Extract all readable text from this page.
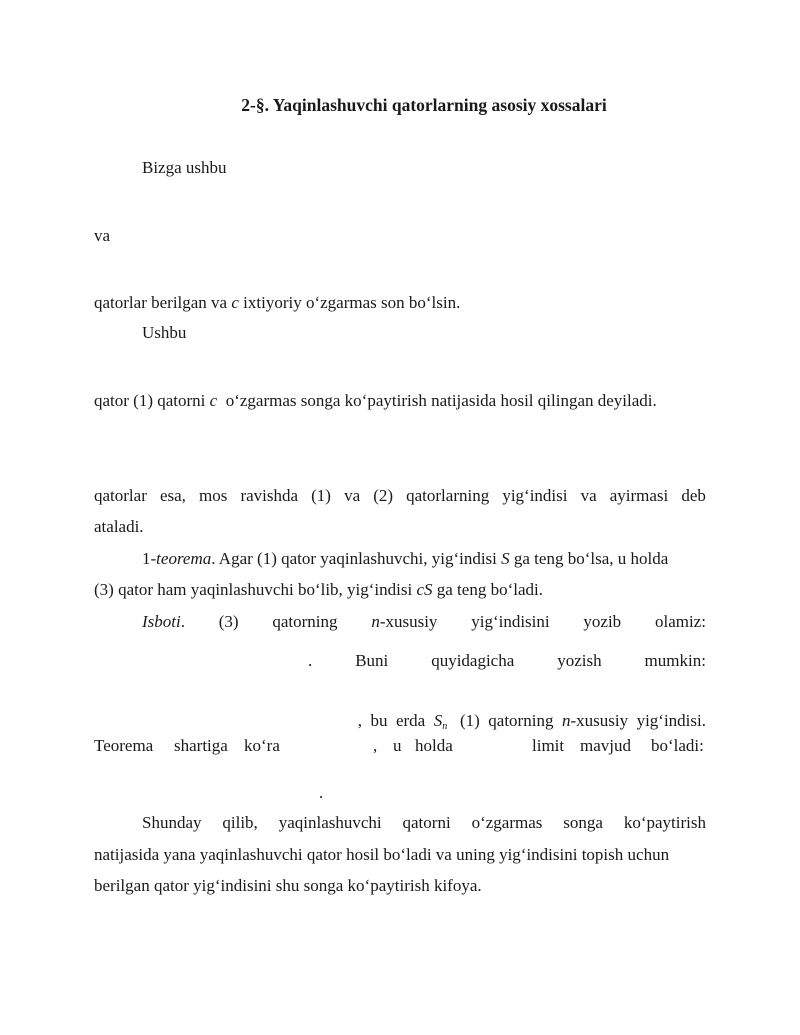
2-§. Yaqinlashuvchi qatorlarning asosiy xossalari
Bizga ushbu
va
qatorlar berilgan va c ixtiyoriy o‘zgarmas son bo‘lsin.
Ushbu
qator (1) qatorni c  o‘zgarmas songa ko‘paytirish natijasida hosil qilingan deyiladi.
qatorlar esa, mos ravishda (1) va (2) qatorlarning yig‘indisi va ayirmasi deb
ataladi.
1-teorema. Agar (1) qator yaqinlashuvchi, yig‘indisi S ga teng bo‘lsa, u holda
(3) qator ham yaqinlashuvchi bo‘lib, yig‘indisi cS ga teng bo‘ladi.
Isboti. (3) qatorning n-xususiy yig‘indisini yozib olamiz:
.	Buni	quyidagicha	yozish	mumkin:

,  bu  erda  $S_n$   (1)  qatorning  n-xususiy  yig‘indisi.

Teorema shartiga ko‘ra	, u holda	limit mavjud bo‘ladi:
.
Shunday qilib, yaqinlashuvchi qatorni o‘zgarmas songa ko‘paytirish
natijasida yana yaqinlashuvchi qator hosil bo‘ladi va uning yig‘indisini topish uchun
berilgan qator yig‘indisini shu songa ko‘paytirish kifoya.
